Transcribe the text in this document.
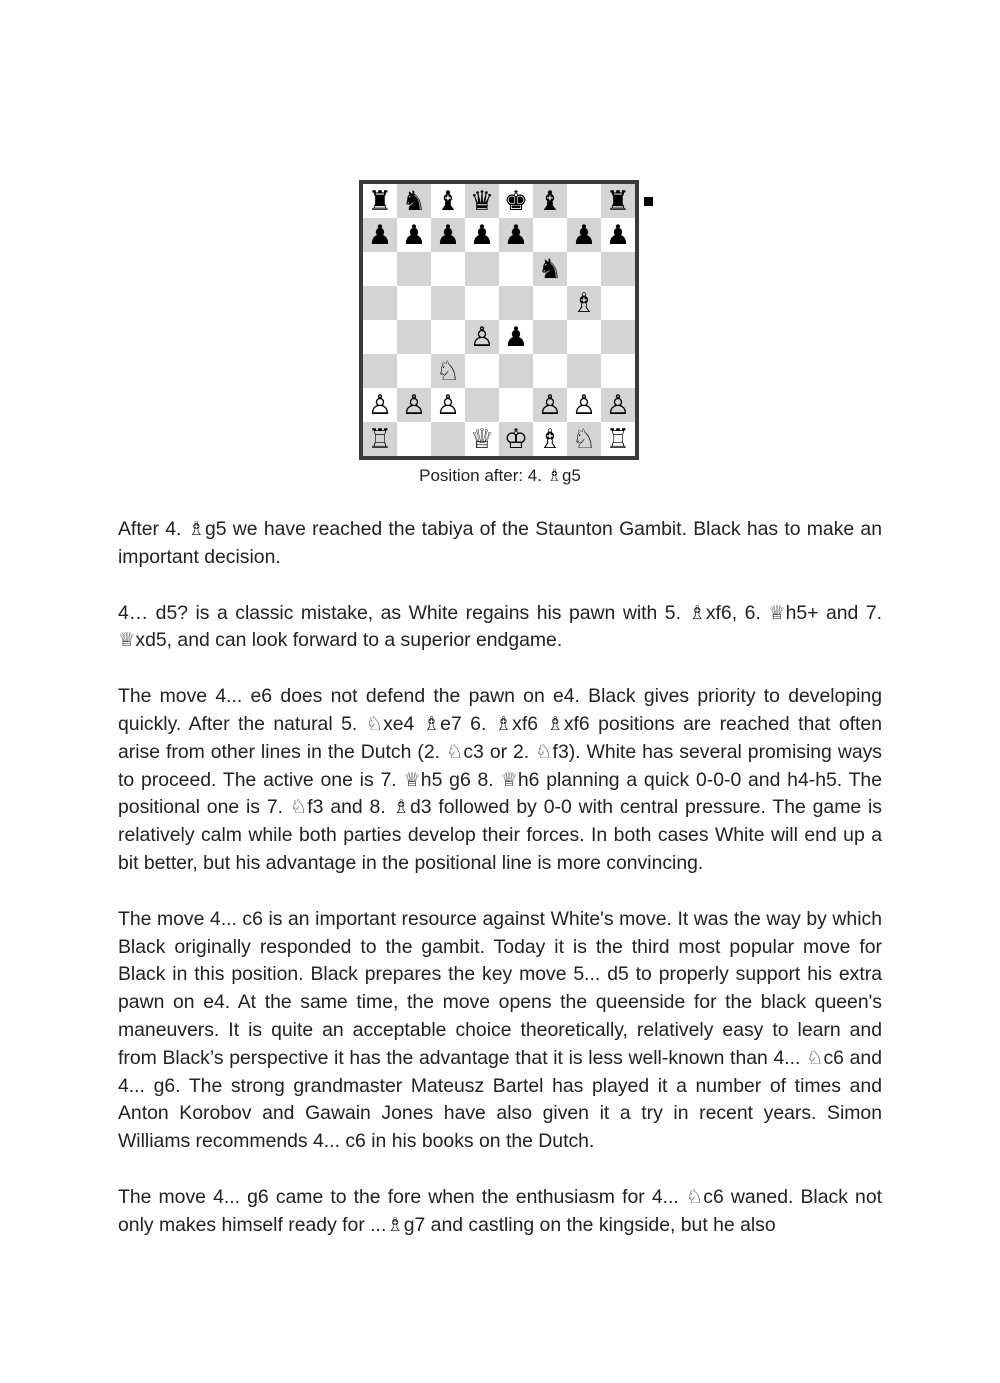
♜ ♞ ♝ ♛ ♚ ♝ ♜
♟ ♟ ♟ ♟ ♟ ♟ ♟
♞
♗
♙ ♟
♘
♙ ♙ ♙	♙ ♙ ♙
♖	♕ ♔ ♗ ♘ ♖
Position after: 4. ♗g5

After 4. ♗g5 we have reached the tabiya of the Staunton Gambit. Black has to make an important decision.

4… d5? is a classic mistake, as White regains his pawn with 5. ♗xf6, 6. ♕h5+ and 7. ♕xd5, and can look forward to a superior endgame.

The move 4... e6 does not defend the pawn on e4. Black gives priority to developing quickly. After the natural 5. ♘xe4 ♗e7 6. ♗xf6 ♗xf6 positions are reached that often arise from other lines in the Dutch (2. ♘c3 or 2. ♘f3). White has several promising ways to proceed. The active one is 7. ♕h5 g6 8. ♕h6 planning a quick 0-0-0 and h4-h5. The positional one is 7. ♘f3 and 8. ♗d3 followed by 0-0 with central pressure. The game is relatively calm while both parties develop their forces. In both cases White will end up a bit better, but his advantage in the positional line is more convincing.

The move 4... c6 is an important resource against White's move. It was the way by which Black originally responded to the gambit. Today it is the third most popular move for Black in this position. Black prepares the key move 5... d5 to properly support his extra pawn on e4. At the same time, the move opens the queenside for the black queen's maneuvers. It is quite an acceptable choice theoretically, relatively easy to learn and from Black’s perspective it has the advantage that it is less well-known than 4... ♘c6 and 4... g6. The strong grandmaster Mateusz Bartel has played it a number of times and Anton Korobov and Gawain Jones have also given it a try in recent years. Simon Williams recommends 4... c6 in his books on the Dutch.

The move 4... g6 came to the fore when the enthusiasm for 4... ♘c6 waned. Black not only makes himself ready for ...♗g7 and castling on the kingside, but he also
